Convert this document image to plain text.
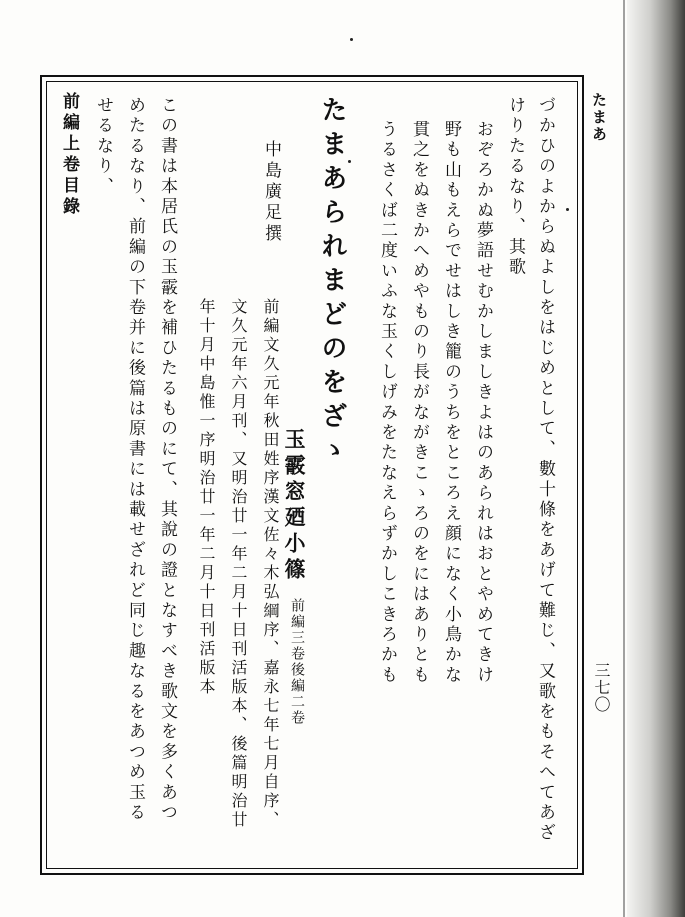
たまあ
三七〇
づかひのよからぬよしをはじめとして、數十條をあげて難じ、又歌をもそへてあざ
けりたるなり、其歌
おぞろかぬ夢語せむかしましきよはのあられはおとやめてきけ
野も山もえらでせはしき籠のうちをところえ顔になく小鳥かな
貫之をぬきかへめやものり長がながきこゝろのをにはありとも
うるさくば二度いふな玉くしげみをたなえらずかしこきろかも
たまあられまどのをざゝ
玉霰窓廼小篠
前編三卷後編二卷
中島廣足撰
前編文久元年秋田姓序漢文佐々木弘綱序、嘉永七年七月自序、
文久元年六月刊、又明治廿一年二月十日刊活版本、後篇明治廿
年十月中島惟一序明治廿一年二月十日刊活版本
この書は本居氏の玉霰を補ひたるものにて、其說の證となすべき歌文を多くあつ
めたるなり、前編の下卷并に後篇は原書には載せざれど同じ趣なるをあつめ玉る
せるなり、
前編上卷目錄
